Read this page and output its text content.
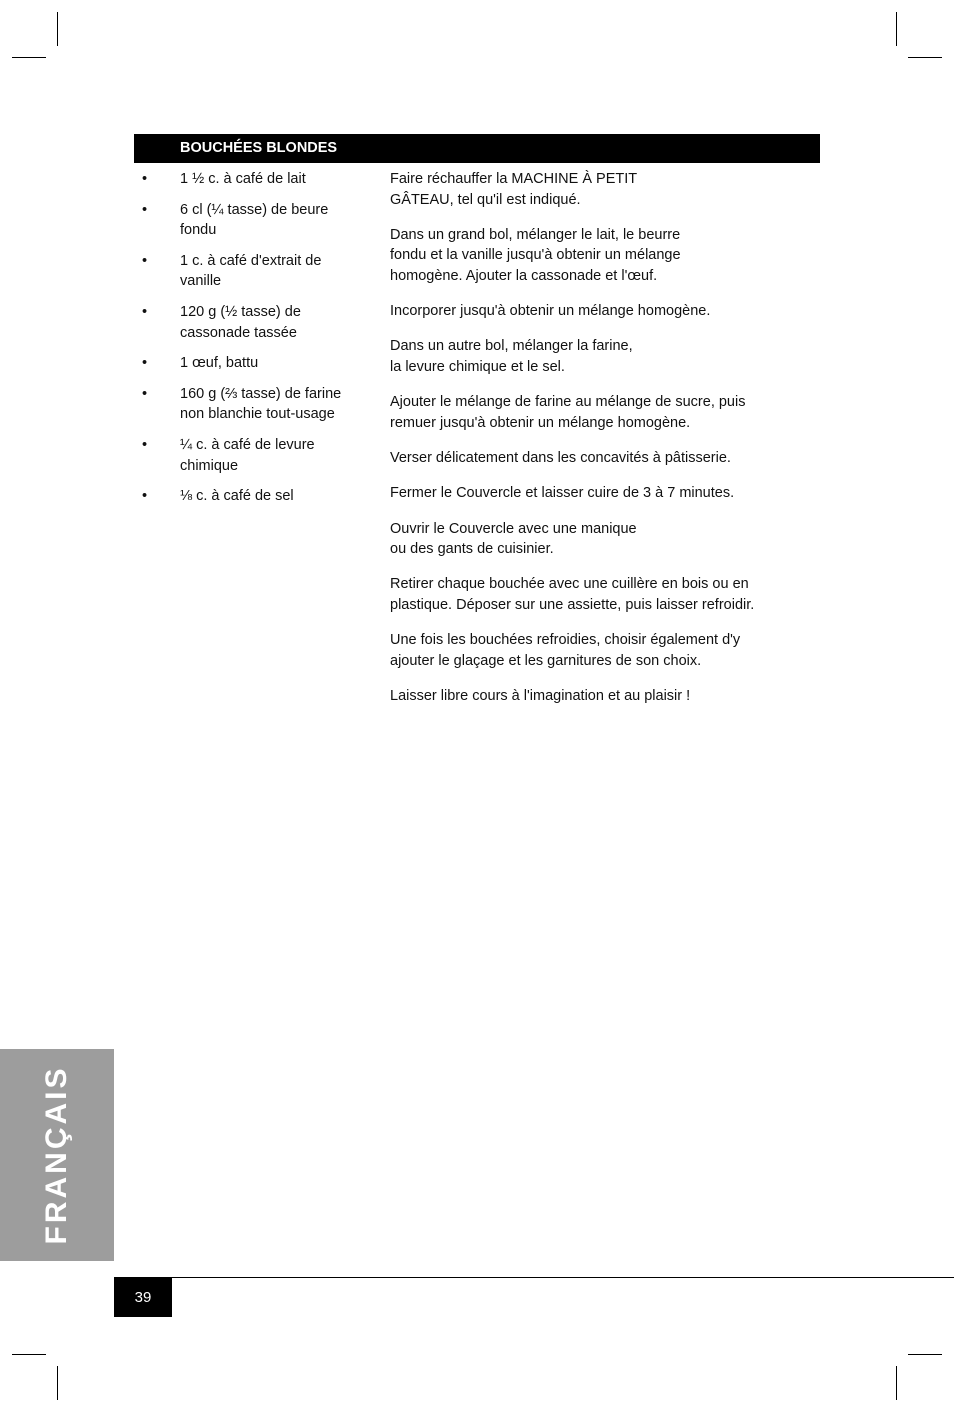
BOUCHÉES BLONDES
• 1 ½ c. à café de lait
• 6 cl (¼ tasse) de beure fondu
• 1 c. à café d'extrait de vanille
• 120 g (½ tasse) de cassonade tassée
• 1 œuf, battu
• 160 g (⅔ tasse) de farine non blanchie tout-usage
• ¼ c. à café de levure chimique
• ⅛ c. à café de sel

Faire réchauffer la MACHINE À PETIT
GÂTEAU, tel qu'il est indiqué.

Dans un grand bol, mélanger le lait, le beurre
fondu et la vanille jusqu'à obtenir un mélange
homogène. Ajouter la cassonade et l'œuf.

Incorporer jusqu'à obtenir un mélange homogène.

Dans un autre bol, mélanger la farine,
la levure chimique et le sel.

Ajouter le mélange de farine au mélange de sucre, puis
remuer jusqu'à obtenir un mélange homogène.

Verser délicatement dans les concavités à pâtisserie.

Fermer le Couvercle et laisser cuire de 3 à 7 minutes.

Ouvrir le Couvercle avec une manique
ou des gants de cuisinier.

Retirer chaque bouchée avec une cuillère en bois ou en
plastique. Déposer sur une assiette, puis laisser refroidir.

Une fois les bouchées refroidies, choisir également d'y
ajouter le glaçage et les garnitures de son choix.

Laisser libre cours à l'imagination et au plaisir !

FRANÇAIS
39
